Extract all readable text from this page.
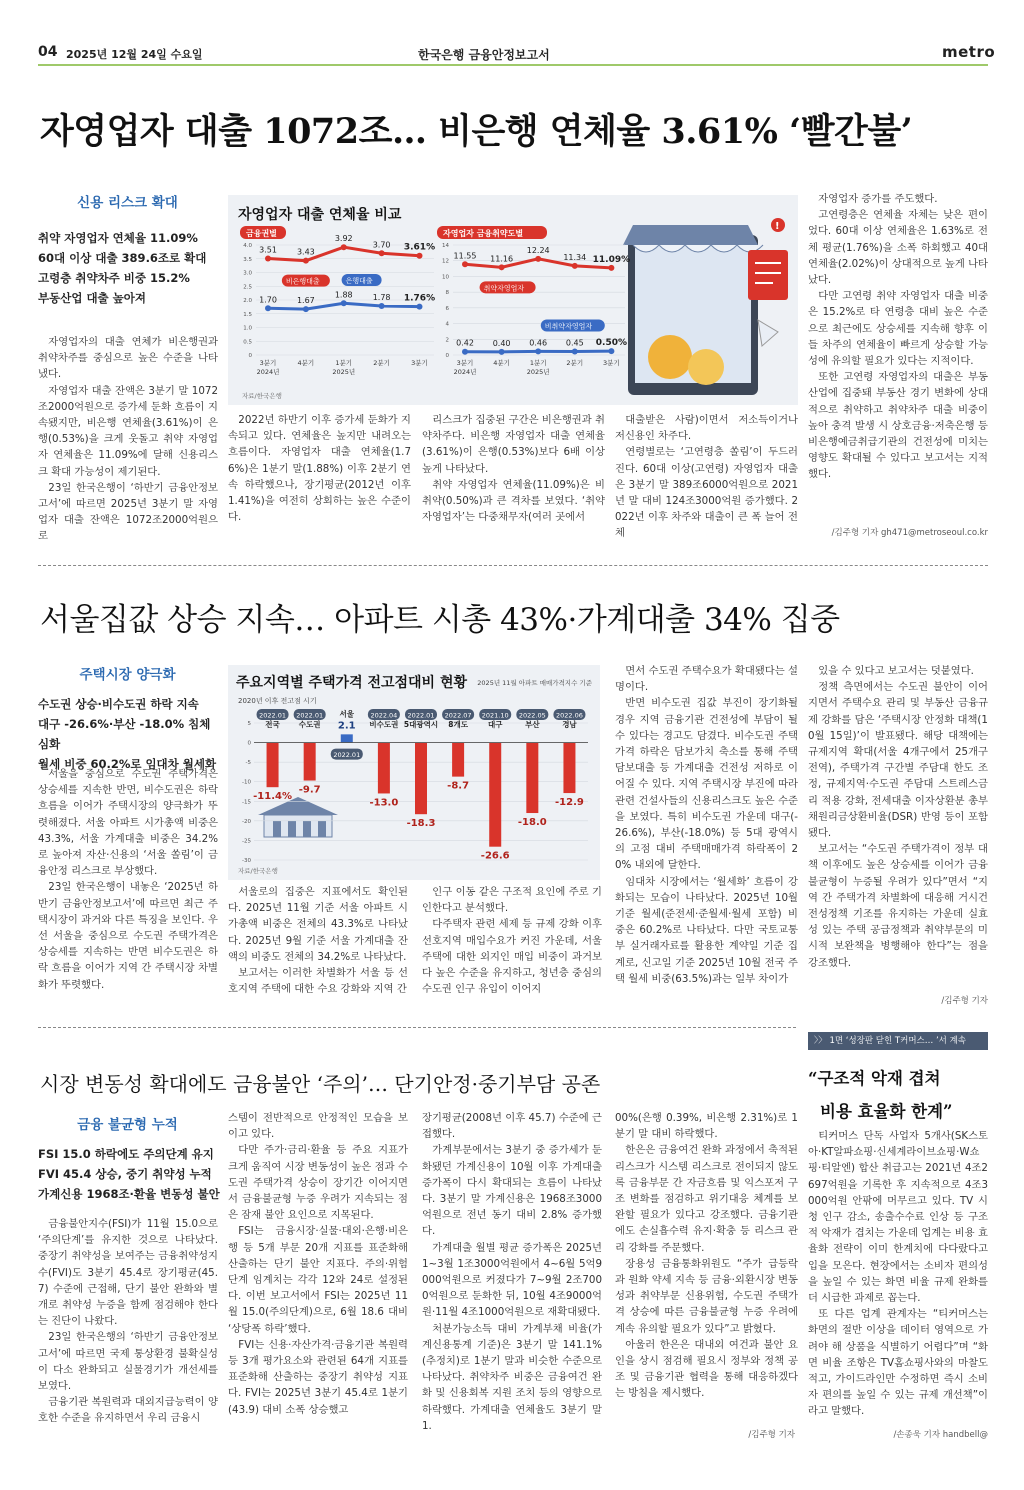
04 2025년 12월 24일 수요일	한국은행 금융안정보고서	metro
자영업자 대출 1072조… 비은행 연체율 3.61% ‘빨간불’
신용 리스크 확대
취약 자영업자 연체율 11.09%
60대 이상 대출 389.6조로 확대
고령층 취약차주 비중 15.2%
부동산업 대출 높아져

자영업자의 대출 연체가 비은행권과 취약차주를 중심으로 높은 수준을 나타냈다.

자영업자 대출 잔액은 3분기 말 1072조2000억원으로 증가세 둔화 흐름이 지속됐지만, 비은행 연체율(3.61%)이 은행(0.53%)을 크게 웃돌고 취약 자영업자 연체율은 11.09%에 달해 신용리스크 확대 가능성이 제기된다.

23일 한국은행이 ‘하반기 금융안정보고서’에 따르면 2025년 3분기 말 자영업자 대출 잔액은 1072조2000억원으로

자영업자 대출 연체율 비교
!
금융권별
0
0.5
1.0
1.5
2.0
2.5
3.0
3.5
4.0
3분기	4분기	1분기	2분기	3분기
2024년	2025년
3.51	3.43
3.92
3.70 3.61%
비은행대출
1.70	1.67
1.88	1.78 1.76%
은행대출
자영업자 금융취약도별
0
2
4
6
8
10
12
14
3분기	4분기	1분기	2분기	3분기
2024년	2025년
11.55 11.16
12.24
11.34 11.09%
취약자영업자
0.42 0.40 0.46 0.45 0.50%
비취약자영업자
자료/한국은행

2022년 하반기 이후 증가세 둔화가 지속되고 있다. 연체율은 높지만 내려오는 흐름이다. 자영업자 대출 연체율(1.76%)은 1분기 말(1.88%) 이후 2분기 연속 하락했으나, 장기평균(2012년 이후 1.41%)을 여전히 상회하는 높은 수준이다.

리스크가 집중된 구간은 비은행권과 취약차주다. 비은행 자영업자 대출 연체율(3.61%)이 은행(0.53%)보다 6배 이상 높게 나타났다.

취약 자영업자 연체율(11.09%)은 비취약(0.50%)과 큰 격차를 보였다. ‘취약 자영업자’는 다중채무자(여러 곳에서

대출받은 사람)이면서 저소득이거나 저신용인 차주다.

연령별로는 ‘고연령층 쏠림’이 두드러진다. 60대 이상(고연령) 자영업자 대출은 3분기 말 389조6000억원으로 2021년 말 대비 124조3000억원 증가했다. 2022년 이후 차주와 대출이 큰 폭 늘어 전체

자영업자 증가를 주도했다.

고연령층은 연체율 자체는 낮은 편이었다. 60대 이상 연체율은 1.63%로 전체 평균(1.76%)을 소폭 하회했고 40대 연체율(2.02%)이 상대적으로 높게 나타났다.

다만 고연령 취약 자영업자 대출 비중은 15.2%로 타 연령층 대비 높은 수준으로 최근에도 상승세를 지속해 향후 이들 차주의 연체율이 빠르게 상승할 가능성에 유의할 필요가 있다는 지적이다.

또한 고연령 자영업자의 대출은 부동산업에 집중돼 부동산 경기 변화에 상대적으로 취약하고 취약차주 대출 비중이 높아 충격 발생 시 상호금융·저축은행 등 비은행예금취급기관의 건전성에 미치는 영향도 확대될 수 있다고 보고서는 지적했다.

/김주형 기자 gh471@metroseoul.co.kr
서울집값 상승 지속… 아파트 시총 43%·가계대출 34% 집중
주택시장 양극화
수도권 상승·비수도권 하락 지속
대구 -26.6%·부산 -18.0% 침체 심화
월세 비중 60.2%로 임대차 월세화

서울을 중심으로 수도권 주택가격은 상승세를 지속한 반면, 비수도권은 하락 흐름을 이어가 주택시장의 양극화가 뚜렷해졌다. 서울 아파트 시가총액 비중은 43.3%, 서울 가계대출 비중은 34.2%로 높아져 자산·신용의 ‘서울 쏠림’이 금융안정 리스크로 부상했다.

23일 한국은행이 내놓은 ‘2025년 하반기 금융안정보고서’에 따르면 최근 주택시장이 과거와 다른 특징을 보인다. 우선 서울을 중심으로 수도권 주택가격은 상승세를 지속하는 반면 비수도권은 하락 흐름을 이어가 지역 간 주택시장 차별화가 뚜렷했다.

주요지역별 주택가격 전고점대비 현황 2025년 11월 아파트 매매가격지수 기준
2020년 이후 전고점 시기
자료/한국은행
5
0
-5
-10
-15
-20
-25
-30
2022.01
전국
-11.4%
2022.01
수도권
-9.7
2022.01
서울
2.1
2022.04
비수도권
-13.0
2022.01
5대광역시
-18.3
2022.07
8개도
-8.7
2021.10
대구
-26.6
2022.05
부산
-18.0
2022.06
경남
-12.9

서울로의 집중은 지표에서도 확인된다. 2025년 11월 기준 서울 아파트 시가총액 비중은 전체의 43.3%로 나타났다. 2025년 9월 기준 서울 가계대출 잔액의 비중도 전체의 34.2%로 나타났다.

보고서는 이러한 차별화가 서울 등 선호지역 주택에 대한 수요 강화와 지역 간

인구 이동 같은 구조적 요인에 주로 기인한다고 분석했다.

다주택자 관련 세제 등 규제 강화 이후 선호지역 매입수요가 커진 가운데, 서울 주택에 대한 외지인 매입 비중이 과거보다 높은 수준을 유지하고, 청년층 중심의 수도권 인구 유입이 이어지

면서 수도권 주택수요가 확대됐다는 설명이다.

반면 비수도권 집값 부진이 장기화될 경우 지역 금융기관 건전성에 부담이 될 수 있다는 경고도 담겼다. 비수도권 주택가격 하락은 담보가치 축소를 통해 주택담보대출 등 가계대출 건전성 저하로 이어질 수 있다. 지역 주택시장 부진에 따라 관련 건설사들의 신용리스크도 높은 수준을 보였다. 특히 비수도권 가운데 대구(-26.6%), 부산(-18.0%) 등 5대 광역시의 고점 대비 주택매매가격 하락폭이 20% 내외에 달한다.

임대차 시장에서는 ‘월세화’ 흐름이 강화되는 모습이 나타났다. 2025년 10월 기준 월세(준전세·준월세·월세 포함) 비중은 60.2%로 나타났다. 다만 국토교통부 실거래자료를 활용한 계약일 기준 집계로, 신고일 기준 2025년 10월 전국 주택 월세 비중(63.5%)과는 일부 차이가

있을 수 있다고 보고서는 덧붙였다.

정책 측면에서는 수도권 불안이 이어지면서 주택수요 관리 및 부동산 금융규제 강화를 담은 ‘주택시장 안정화 대책(10월 15일)’이 발표됐다. 해당 대책에는 규제지역 확대(서울 4개구에서 25개구 전역), 주택가격 구간별 주담대 한도 조정, 규제지역·수도권 주담대 스트레스금리 적용 강화, 전세대출 이자상환분 총부채원리금상환비율(DSR) 반영 등이 포함됐다.

보고서는 “수도권 주택가격이 정부 대책 이후에도 높은 상승세를 이어가 금융불균형이 누증될 우려가 있다”면서 “지역 간 주택가격 차별화에 대응해 거시건전성정책 기조를 유지하는 가운데 실효성 있는 주택 공급정책과 취약부문의 미시적 보완책을 병행해야 한다”는 점을 강조했다.

/김주형 기자
〉〉 1면 ‘성장판 닫힌 T커머스… ’서 계속
“구조적 악재 겹쳐
비용 효율화 한계”

티커머스 단독 사업자 5개사(SK스토아·KT알파쇼핑·신세계라이브쇼핑·W쇼핑·티알엔) 합산 취급고는 2021년 4조2697억원을 기록한 후 지속적으로 4조3000억원 안팎에 머무르고 있다. TV 시청 인구 감소, 송출수수료 인상 등 구조적 악재가 겹치는 가운데 업계는 비용 효율화 전략이 이미 한계치에 다다랐다고 입을 모은다. 현장에서는 소비자 편의성을 높일 수 있는 화면 비율 규제 완화를 더 시급한 과제로 꼽는다.

또 다른 업계 관계자는 “티커머스는 화면의 절반 이상을 데이터 영역으로 가려야 해 상품을 식별하기 어렵다”며 “화면 비율 조항은 TV홈쇼핑사와의 마찰도 적고, 가이드라인만 수정하면 즉시 소비자 편의를 높일 수 있는 규제 개선책”이라고 말했다.

/손종욱 기자 handbell@
시장 변동성 확대에도 금융불안 ‘주의’… 단기안정·중기부담 공존
금융 불균형 누적
FSI 15.0 하락에도 주의단계 유지
FVI 45.4 상승, 중기 취약성 누적
가계신용 1968조·환율 변동성 불안

금융불안지수(FSI)가 11월 15.0으로 ‘주의단계’를 유지한 것으로 나타났다. 중장기 취약성을 보여주는 금융취약성지수(FVI)도 3분기 45.4로 장기평균(45.7) 수준에 근접해, 단기 불안 완화와 별개로 취약성 누증을 함께 점검해야 한다는 진단이 나왔다.

23일 한국은행의 ‘하반기 금융안정보고서’에 따르면 국제 통상환경 불확실성이 다소 완화되고 실물경기가 개선세를 보였다.

금융기관 복원력과 대외지급능력이 양호한 수준을 유지하면서 우리 금융시

스템이 전반적으로 안정적인 모습을 보이고 있다.

다만 주가·금리·환율 등 주요 지표가 크게 움직여 시장 변동성이 높은 점과 수도권 주택가격 상승이 장기간 이어지면서 금융불균형 누증 우려가 지속되는 점은 잠재 불안 요인으로 지목된다.

FSI는 금융시장·실물·대외·은행·비은행 등 5개 부문 20개 지표를 표준화해 산출하는 단기 불안 지표다. 주의·위험 단계 임계치는 각각 12와 24로 설정된다. 이번 보고서에서 FSI는 2025년 11월 15.0(주의단계)으로, 6월 18.6 대비 ‘상당폭 하락’했다.

FVI는 신용·자산가격·금융기관 복원력 등 3개 평가요소와 관련된 64개 지표를 표준화해 산출하는 중장기 취약성 지표다. FVI는 2025년 3분기 45.4로 1분기(43.9) 대비 소폭 상승했고

장기평균(2008년 이후 45.7) 수준에 근접했다.

가계부문에서는 3분기 중 증가세가 둔화됐던 가계신용이 10월 이후 가계대출 증가폭이 다시 확대되는 흐름이 나타났다. 3분기 말 가계신용은 1968조3000억원으로 전년 동기 대비 2.8% 증가했다.

가계대출 월별 평균 증가폭은 2025년 1~3월 1조3000억원에서 4~6월 5억9000억원으로 커졌다가 7~9월 2조7000억원으로 둔화한 뒤, 10월 4조9000억원·11월 4조1000억원으로 재확대됐다.

처분가능소득 대비 가계부채 비율(가계신용통계 기준)은 3분기 말 141.1%(추정치)로 1분기 말과 비슷한 수준으로 나타났다. 취약차주 비중은 금융여건 완화 및 신용회복 지원 조치 등의 영향으로 하락했다. 가계대출 연체율도 3분기 말 1.

00%(은행 0.39%, 비은행 2.31%)로 1분기 말 대비 하락했다.

한은은 금융여건 완화 과정에서 축적된 리스크가 시스템 리스크로 전이되지 않도록 금융부문 간 자금흐름 및 익스포저 구조 변화를 점검하고 위기대응 체계를 보완할 필요가 있다고 강조했다. 금융기관에도 손실흡수력 유지·확충 등 리스크 관리 강화를 주문했다.

장용성 금융통화위원도 “주가 급등락과 원화 약세 지속 등 금융·외환시장 변동성과 취약부문 신용위험, 수도권 주택가격 상승에 따른 금융불균형 누증 우려에 계속 유의할 필요가 있다”고 밝혔다.

아울러 한은은 대내외 여건과 불안 요인을 상시 점검해 필요시 정부와 정책 공조 및 금융기관 협력을 통해 대응하겠다는 방침을 제시했다.

/김주형 기자
